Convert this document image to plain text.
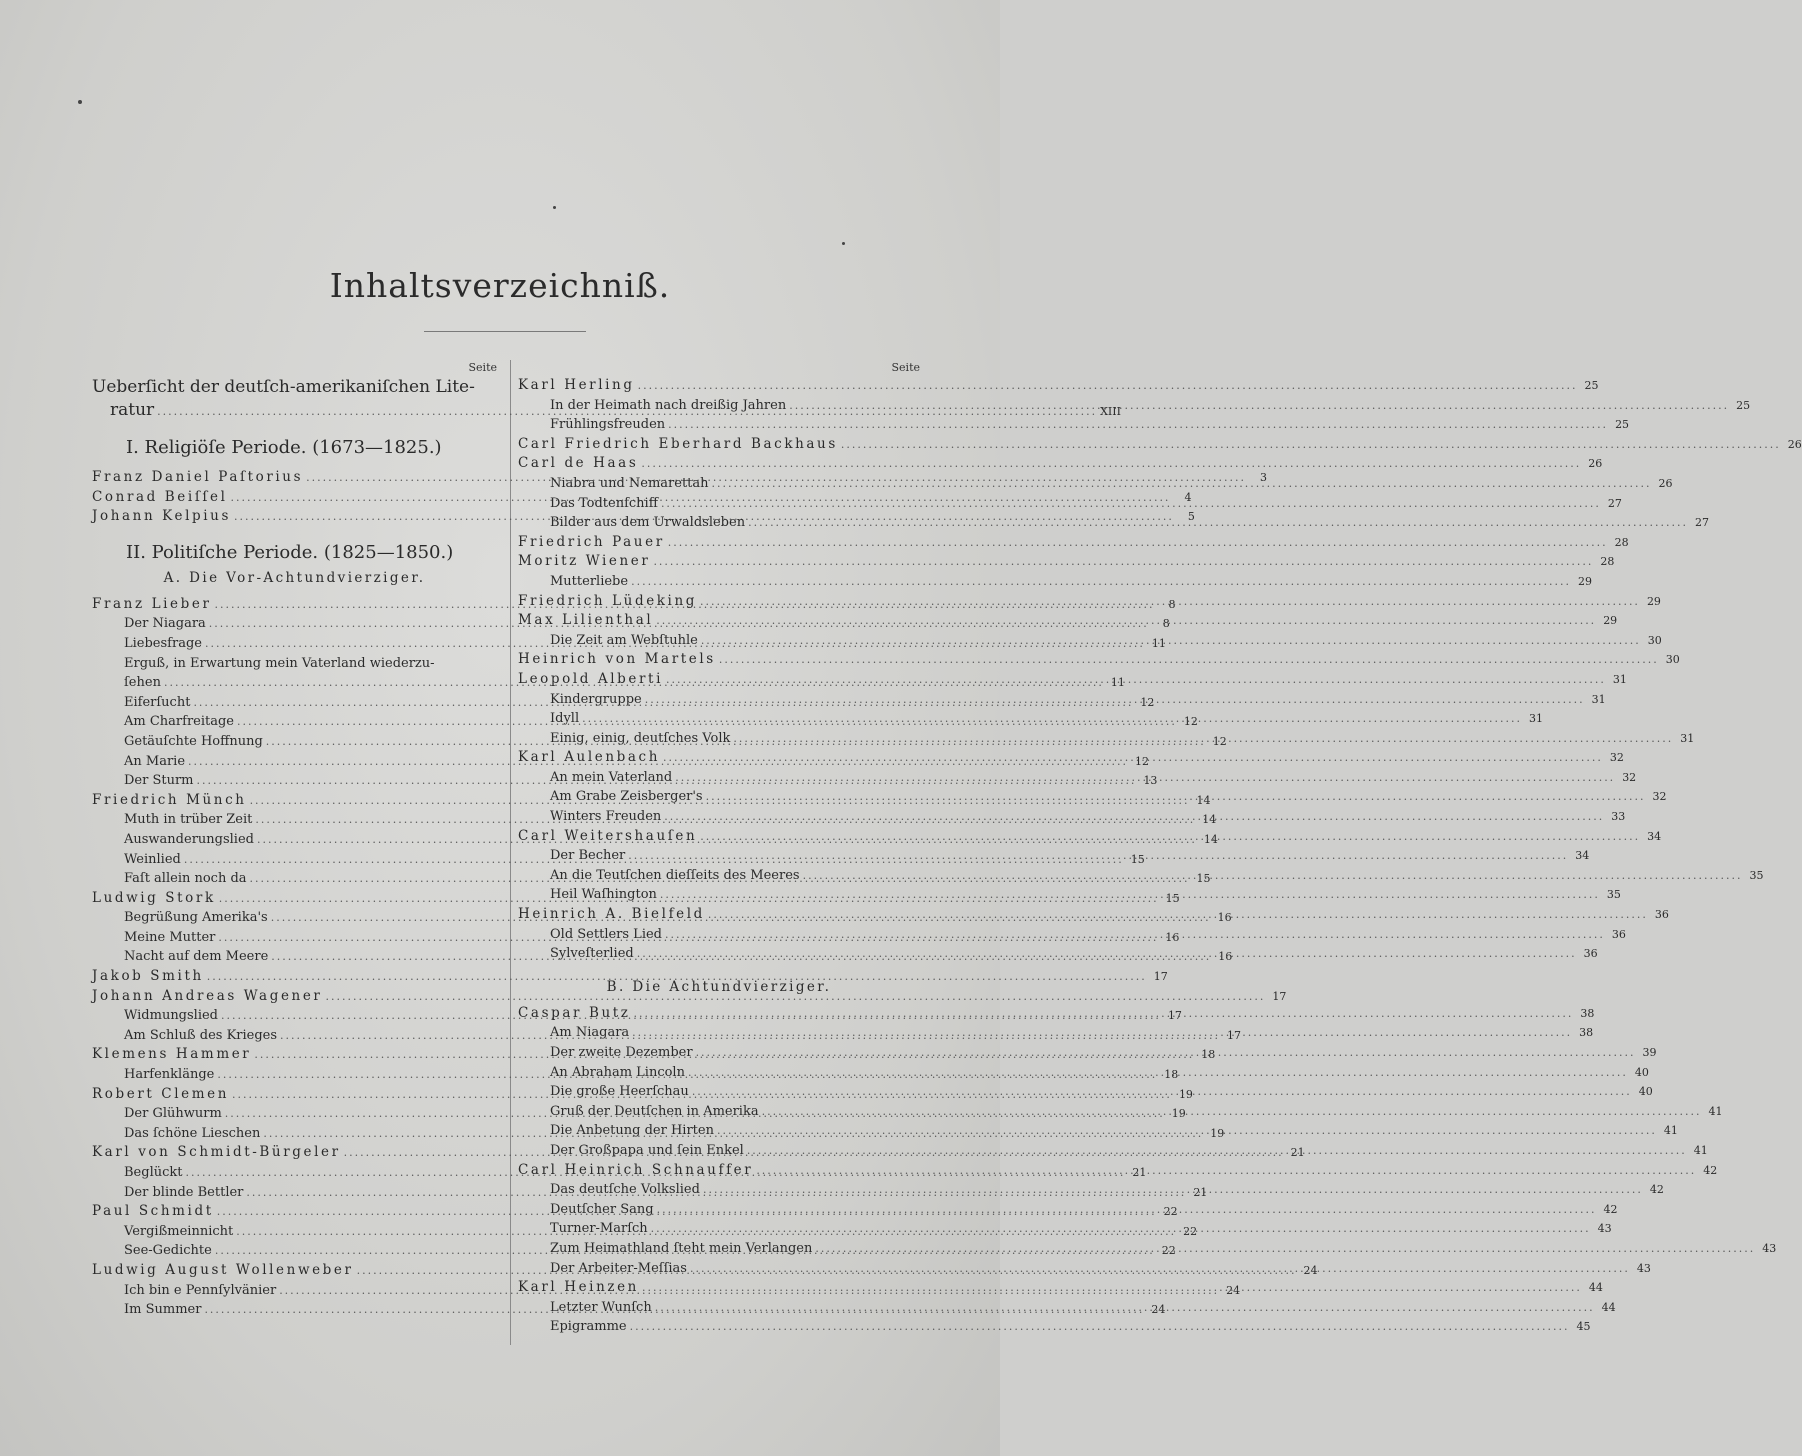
Inhaltsverzeichniß.
Seite
Ueberſicht der deutſch-amerikaniſchen Lite-
ratur .....	XIII
I. Religiöſe Periode. (1673—1825.)
Franz Daniel Paſtorius .....	3
Conrad Beiſſel .....	4
Johann Kelpius .....	5
II. Politiſche Periode. (1825—1850.)
A. Die Vor-Achtundvierziger.
Franz Lieber .....	8
Der Niagara .....	8
Liebesfrage .....	11
Erguß, in Erwartung mein Vaterland wiederzu-
ſehen .....	11
Eiferſucht .....	12
Am Charfreitage .....	12
Getäuſchte Hoffnung .....	12
An Marie .....	12
Der Sturm .....	13
Friedrich Münch .....	14
Muth in trüber Zeit .....	14
Auswanderungslied .....	14
Weinlied .....	15
Faſt allein noch da .....	15
Ludwig Stork .....	15
Begrüßung Amerika's .....	16
Meine Mutter .....	16
Nacht auf dem Meere .....	16
Jakob Smith .....	17
Johann Andreas Wagener .....	17
Widmungslied .....	17
Am Schluß des Krieges .....	17
Klemens Hammer .....	18
Harfenklänge .....	18
Robert Clemen .....	19
Der Glühwurm .....	19
Das ſchöne Lieschen .....	19
Karl von Schmidt-Bürgeler .....	21
Beglückt .....	21
Der blinde Bettler .....	21
Paul Schmidt .....	22
Vergißmeinnicht .....	22
See-Gedichte .....	22
Ludwig August Wollenweber .....	24
Ich bin e Pennſylvänier .....	24
Im Summer .....	24
Seite
Karl Herling .....	25
In der Heimath nach dreißig Jahren .....	25
Frühlingsfreuden .....	25
Carl Friedrich Eberhard Backhaus .....	26
Carl de Haas .....	26
Niabra und Nemarettah .....	26
Das Todtenſchiff .....	27
Bilder aus dem Urwaldsleben .....	27
Friedrich Pauer .....	28
Moritz Wiener .....	28
Mutterliebe .....	29
Friedrich Lüdeking .....	29
Max Lilienthal .....	29
Die Zeit am Webſtuhle .....	30
Heinrich von Martels .....	30
Leopold Alberti .....	31
Kindergruppe .....	31
Idyll .....	31
Einig, einig, deutſches Volk .....	31
Karl Aulenbach .....	32
An mein Vaterland .....	32
Am Grabe Zeisberger's .....	32
Winters Freuden .....	33
Carl Weitershauſen .....	34
Der Becher .....	34
An die Teutſchen dieſſeits des Meeres .....	35
Heil Waſhington .....	35
Heinrich A. Bielfeld .....	36
Old Settlers Lied .....	36
Sylveſterlied .....	36
B. Die Achtundvierziger.
Caspar Butz .....	38
Am Niagara .....	38
Der zweite Dezember .....	39
An Abraham Lincoln .....	40
Die große Heerſchau .....	40
Gruß der Deutſchen in Amerika .....	41
Die Anbetung der Hirten .....	41
Der Großpapa und ſein Enkel .....	41
Carl Heinrich Schnauffer .....	42
Das deutſche Volkslied .....	42
Deutſcher Sang .....	42
Turner-Marſch .....	43
Zum Heimathland ſteht mein Verlangen .....	43
Der Arbeiter-Meſſias .....	43
Karl Heinzen .....	44
Letzter Wunſch .....	44
Epigramme .....	45
